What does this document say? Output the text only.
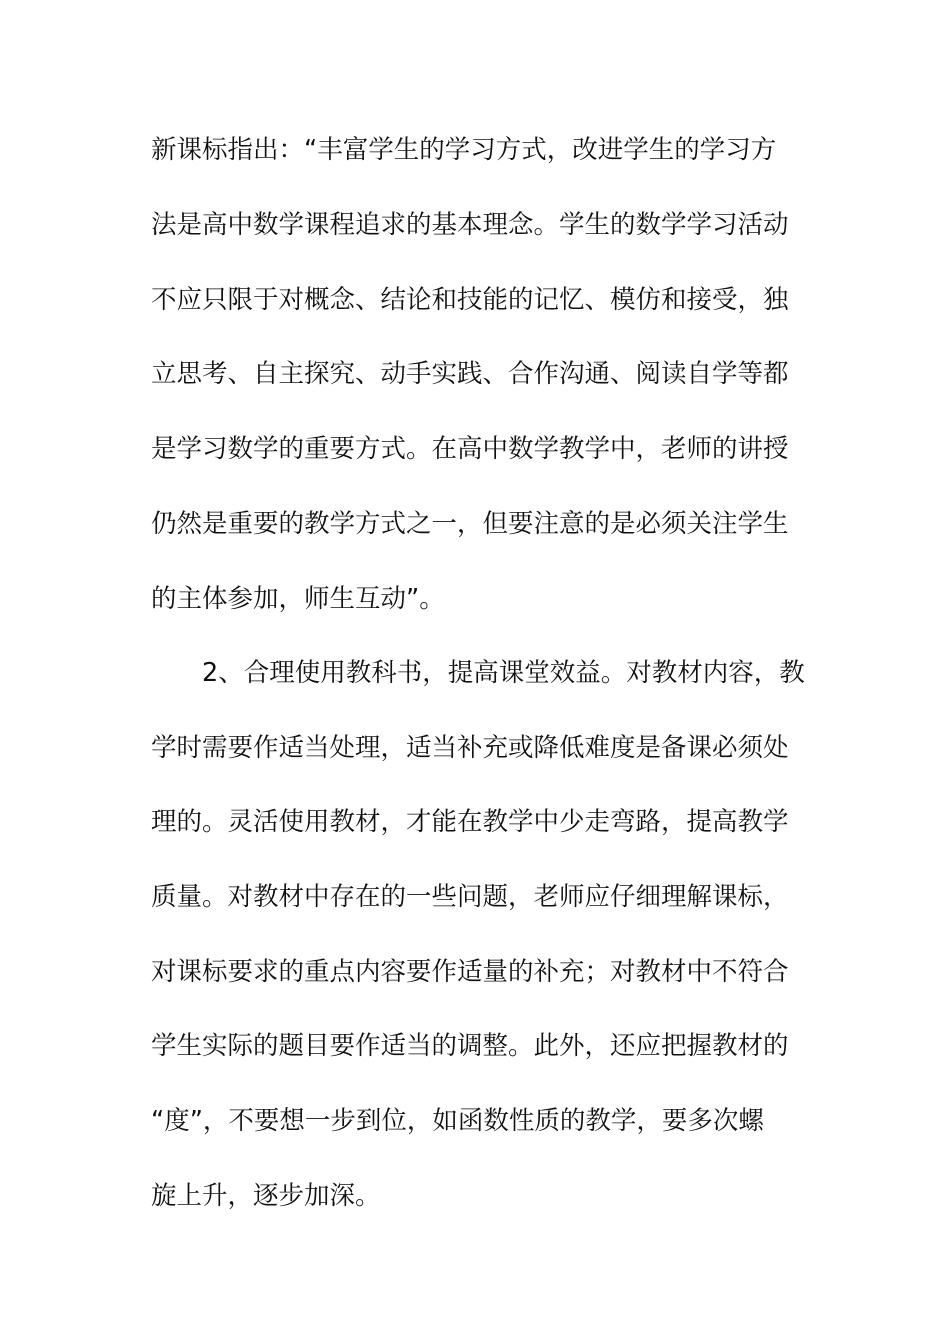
新课标指出：“丰富学生的学习方式，改进学生的学习方
法是高中数学课程追求的基本理念。学生的数学学习活动
不应只限于对概念、结论和技能的记忆、模仿和接受，独
立思考、自主探究、动手实践、合作沟通、阅读自学等都
是学习数学的重要方式。在高中数学教学中，老师的讲授
仍然是重要的教学方式之一，但要注意的是必须关注学生
的主体参加，师生互动”。
2、合理使用教科书，提高课堂效益。对教材内容，教
学时需要作适当处理，适当补充或降低难度是备课必须处
理的。灵活使用教材，才能在教学中少走弯路，提高教学
质量。对教材中存在的一些问题，老师应仔细理解课标，
对课标要求的重点内容要作适量的补充；对教材中不符合
学生实际的题目要作适当的调整。此外，还应把握教材的
“度”，不要想一步到位，如函数性质的教学，要多次螺
旋上升，逐步加深。
